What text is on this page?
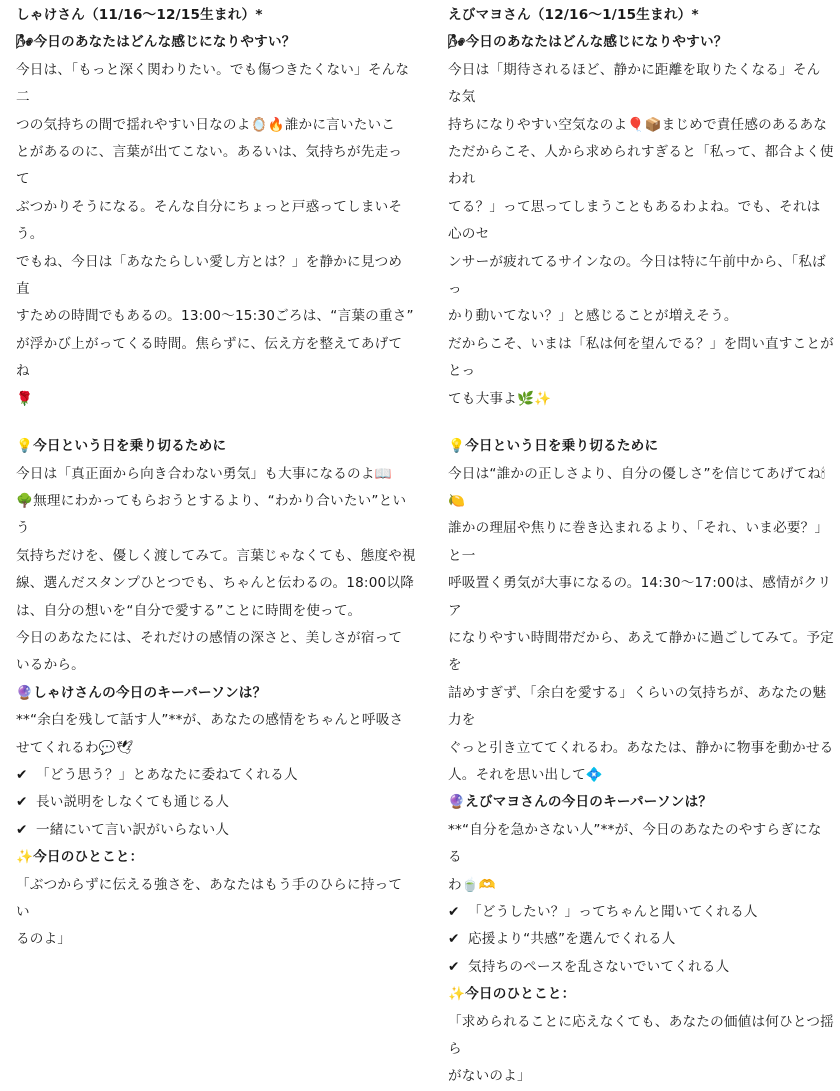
しゃけさん（11/16〜12/15生まれ）*
🌬今日のあなたはどんな感じになりやすい？
今日は、「もっと深く関わりたい。でも傷つきたくない」そんな二
つの気持ちの間で揺れやすい日なのよ🪞🔥誰かに言いたいこ
とがあるのに、言葉が出てこない。あるいは、気持ちが先走って
ぶつかりそうになる。そんな自分にちょっと戸惑ってしまいそう。
でもね、今日は「あなたらしい愛し方とは？」を静かに見つめ直
すための時間でもあるの。13:00〜15:30ごろは、“言葉の重さ”
が浮かび上がってくる時間。焦らずに、伝え方を整えてあげてね
🌹
💡今日という日を乗り切るために
今日は「真正面から向き合わない勇気」も大事になるのよ📖
🌳無理にわかってもらおうとするより、“わかり合いたい”という
気持ちだけを、優しく渡してみて。言葉じゃなくても、態度や視
線、選んだスタンプひとつでも、ちゃんと伝わるの。18:00以降
は、自分の想いを“自分で愛する”ことに時間を使って。
今日のあなたには、それだけの感情の深さと、美しさが宿って
いるから。
🔮しゃけさんの今日のキーパーソンは？
**“余白を残して話す人”**が、あなたの感情をちゃんと呼吸さ
せてくれるわ💬🕊
✔ 「どう思う？」とあなたに委ねてくれる人
✔ 長い説明をしなくても通じる人
✔ 一緒にいて言い訳がいらない人
✨今日のひとこと：
「ぶつからずに伝える強さを、あなたはもう手のひらに持ってい
るのよ」
えびマヨさん（12/16〜1/15生まれ）*
🌬今日のあなたはどんな感じになりやすい？
今日は「期待されるほど、静かに距離を取りたくなる」そんな気
持ちになりやすい空気なのよ🎈📦まじめで責任感のあるあな
ただからこそ、人から求められすぎると「私って、都合よく使われ
てる？」って思ってしまうこともあるわよね。でも、それは心のセ
ンサーが疲れてるサインなの。今日は特に午前中から、「私ばっ
かり動いてない？」と感じることが増えそう。
だからこそ、いまは「私は何を望んでる？」を問い直すことがとっ
ても大事よ🌿✨
💡今日という日を乗り切るために
今日は“誰かの正しさより、自分の優しさ”を信じてあげてね🕯
🍋
誰かの理屈や焦りに巻き込まれるより、「それ、いま必要？」と一
呼吸置く勇気が大事になるの。14:30〜17:00は、感情がクリア
になりやすい時間帯だから、あえて静かに過ごしてみて。予定を
詰めすぎず、「余白を愛する」くらいの気持ちが、あなたの魅力を
ぐっと引き立ててくれるわ。あなたは、静かに物事を動かせる
人。それを思い出して💠
🔮えびマヨさんの今日のキーパーソンは？
**“自分を急かさない人”**が、今日のあなたのやすらぎになる
わ🍵🫶
✔ 「どうしたい？」ってちゃんと聞いてくれる人
✔ 応援より“共感”を選んでくれる人
✔ 気持ちのペースを乱さないでいてくれる人
✨今日のひとこと：
「求められることに応えなくても、あなたの価値は何ひとつ揺ら
がないのよ」
